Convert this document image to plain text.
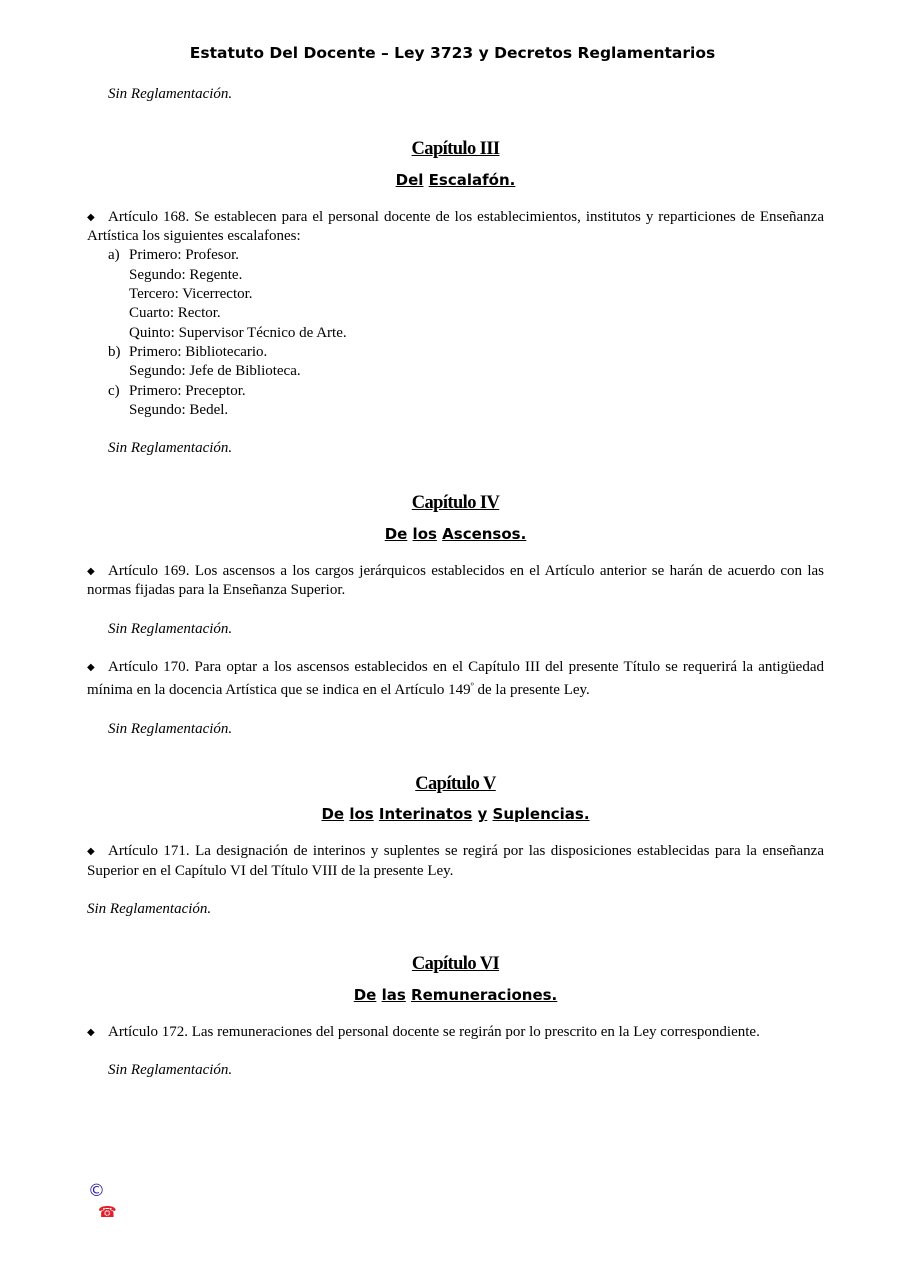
Estatuto Del Docente – Ley 3723 y Decretos Reglamentarios

Sin Reglamentación.

Capítulo III

Del Escalafón.

◆ Artículo 168. Se establecen para el personal docente de los establecimientos, institutos y reparticiones de Enseñanza Artística los siguientes escalafones:

a) Primero: Profesor.
Segundo: Regente.
Tercero: Vicerrector.
Cuarto: Rector.
Quinto: Supervisor Técnico de Arte.
b) Primero: Bibliotecario.
Segundo: Jefe de Biblioteca.
c) Primero: Preceptor.
Segundo: Bedel.

Sin Reglamentación.

Capítulo IV

De los Ascensos.

◆ Artículo 169. Los ascensos a los cargos jerárquicos establecidos en el Artículo anterior se harán de acuerdo con las normas fijadas para la Enseñanza Superior.

Sin Reglamentación.

◆ Artículo 170. Para optar a los ascensos establecidos en el Capítulo III del presente Título se requerirá la antigüedad mínima en la docencia Artística que se indica en el Artículo $149^º$ de la presente Ley.

Sin Reglamentación.

Capítulo V

De los Interinatos y Suplencias.

◆ Artículo 171. La designación de interinos y suplentes se regirá por las disposiciones establecidas para la enseñanza Superior en el Capítulo VI del Título VIII de la presente Ley.

Sin Reglamentación.

Capítulo VI

De las Remuneraciones.

◆ Artículo 172. Las remuneraciones del personal docente se regirán por lo prescrito en la Ley correspondiente.

Sin Reglamentación.

©
☎
